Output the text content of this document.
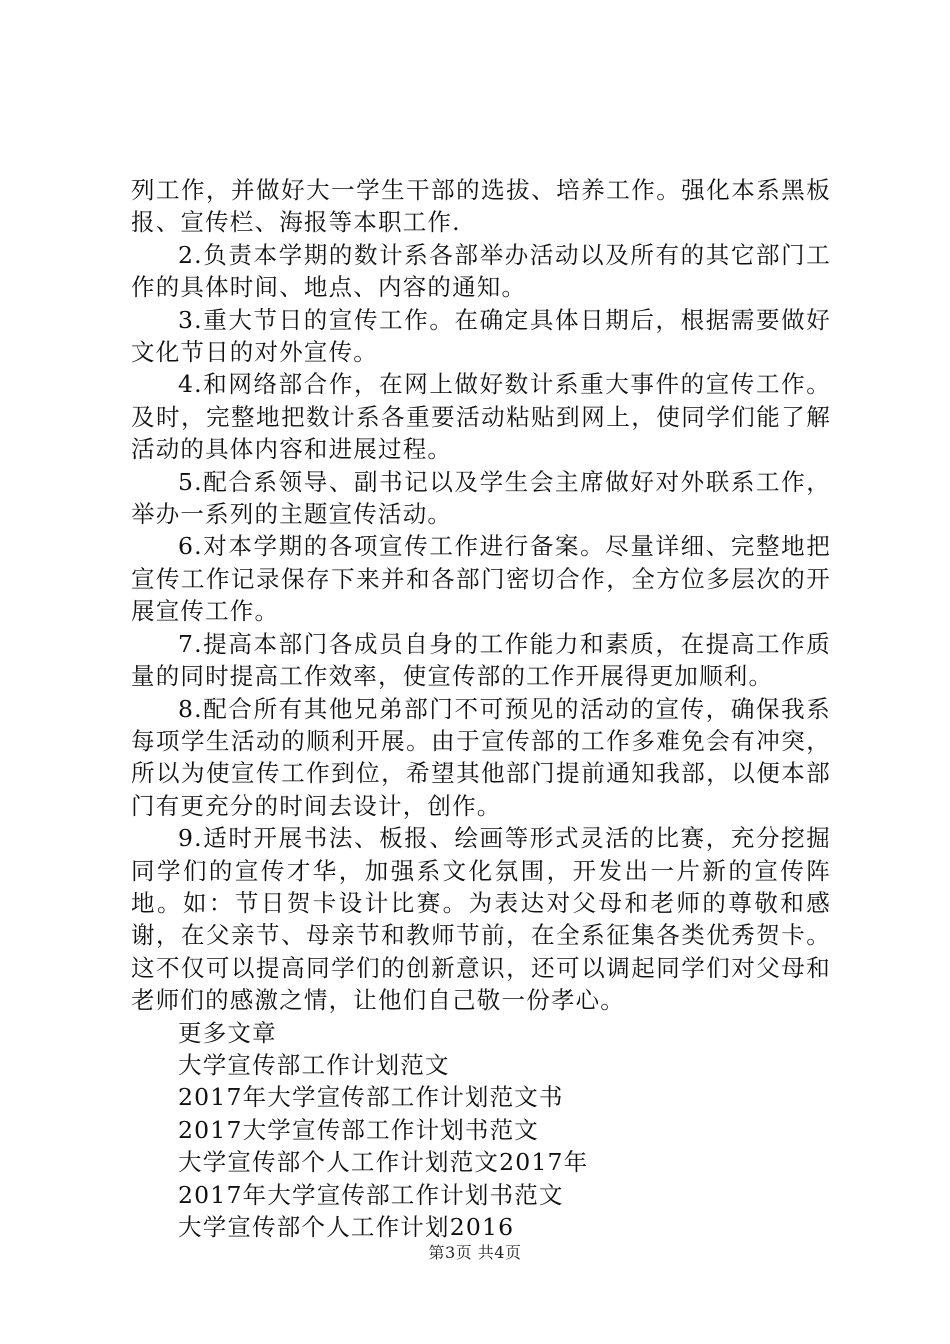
列工作，并做好大一学生干部的选拔、培养工作。强化本系黑板报、宣传栏、海报等本职工作.

2.负责本学期的数计系各部举办活动以及所有的其它部门工作的具体时间、地点、内容的通知。

3.重大节日的宣传工作。在确定具体日期后，根据需要做好文化节日的对外宣传。

4.和网络部合作，在网上做好数计系重大事件的宣传工作。及时，完整地把数计系各重要活动粘贴到网上，使同学们能了解活动的具体内容和进展过程。

5.配合系领导、副书记以及学生会主席做好对外联系工作，举办一系列的主题宣传活动。

6.对本学期的各项宣传工作进行备案。尽量详细、完整地把宣传工作记录保存下来并和各部门密切合作，全方位多层次的开展宣传工作。

7.提高本部门各成员自身的工作能力和素质，在提高工作质量的同时提高工作效率，使宣传部的工作开展得更加顺利。

8.配合所有其他兄弟部门不可预见的活动的宣传，确保我系每项学生活动的顺利开展。由于宣传部的工作多难免会有冲突，所以为使宣传工作到位，希望其他部门提前通知我部，以便本部门有更充分的时间去设计，创作。

9.适时开展书法、板报、绘画等形式灵活的比赛，充分挖掘同学们的宣传才华，加强系文化氛围，开发出一片新的宣传阵地。如：节日贺卡设计比赛。为表达对父母和老师的尊敬和感谢，在父亲节、母亲节和教师节前，在全系征集各类优秀贺卡。这不仅可以提高同学们的创新意识，还可以调起同学们对父母和老师们的感激之情，让他们自己敬一份孝心。

更多文章

大学宣传部工作计划范文
2017年大学宣传部工作计划范文书
2017大学宣传部工作计划书范文
大学宣传部个人工作计划范文2017年
2017年大学宣传部工作计划书范文
大学宣传部个人工作计划2016
第3页 共4页
